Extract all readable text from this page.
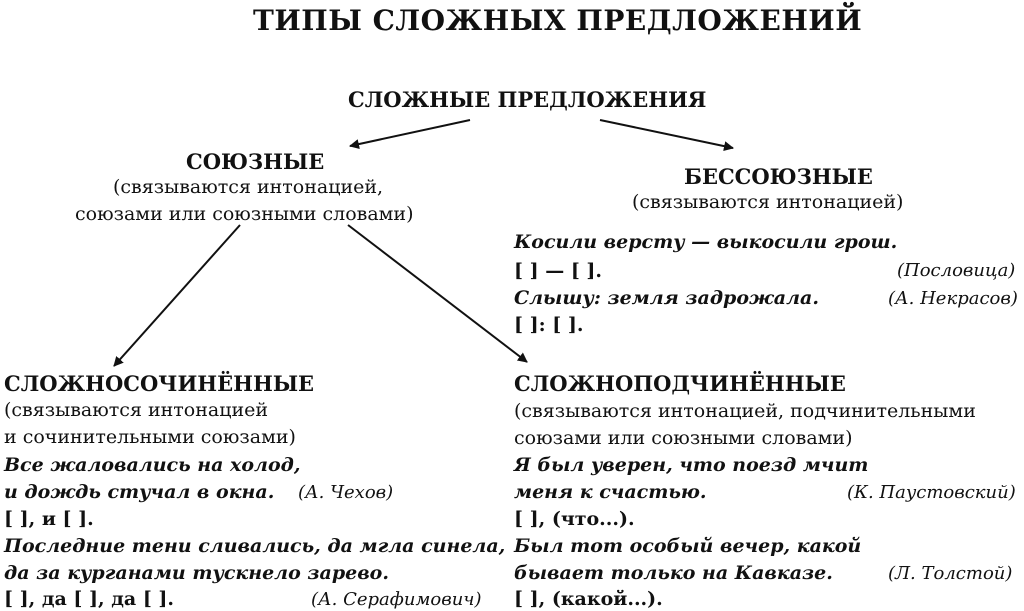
ТИПЫ СЛОЖНЫХ ПРЕДЛОЖЕНИЙ
СЛОЖНЫЕ ПРЕДЛОЖЕНИЯ
СОЮЗНЫЕ
(связываются интонацией,
союзами или союзными словами)
БЕССОЮЗНЫЕ
(связываются интонацией)
Косили версту — выкосили грош.
[ ] — [ ].	(Пословица)
Слышу: земля задрожала.	(А. Некрасов)
[ ]: [ ].
СЛОЖНОСОЧИНЁННЫЕ
(связываются интонацией
и сочинительными союзами)
Все жаловались на холод,
и дождь стучал в окна. (А. Чехов)
[ ], и [ ].
Последние тени сливались, да мгла синела,
да за курганами тускнело зарево.
[ ], да [ ], да [ ].	(А. Серафимович)
СЛОЖНОПОДЧИНЁННЫЕ
(связываются интонацией, подчинительными
союзами или союзными словами)
Я был уверен, что поезд мчит
меня к счастью.	(К. Паустовский)
[ ], (что...).
Был тот особый вечер, какой
бывает только на Кавказе.	(Л. Толстой)
[ ], (какой...).
